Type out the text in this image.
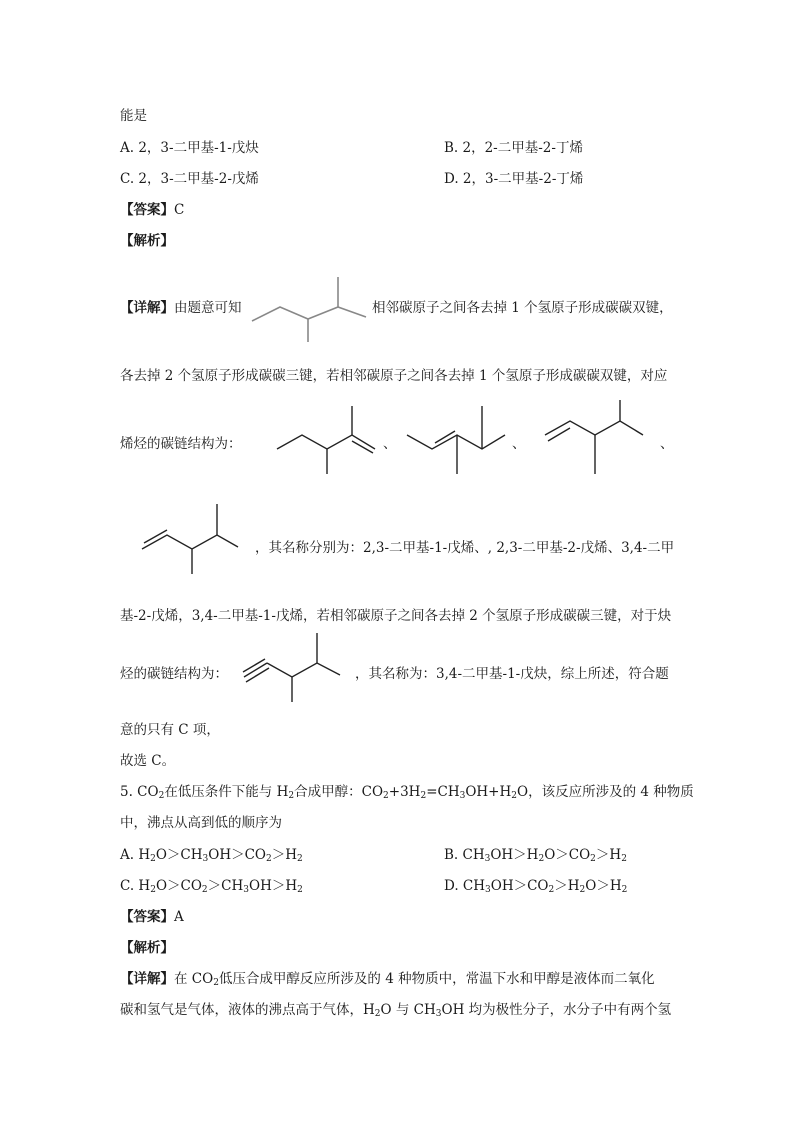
能是
A. 2，3-二甲基-1-戊炔	B. 2，2-二甲基-2-丁烯
C. 2，3-二甲基-2-戊烯	D. 2，3-二甲基-2-丁烯
【答案】C
【解析】
【详解】由题意可知	相邻碳原子之间各去掉 1 个氢原子形成碳碳双键，
各去掉 2 个氢原子形成碳碳三键，若相邻碳原子之间各去掉 1 个氢原子形成碳碳双键，对应
烯烃的碳链结构为：	、	、	、
，其名称分别为：2,3-二甲基-1-戊烯、, 2,3-二甲基-2-戊烯、3,4-二甲
基-2-戊烯，3,4-二甲基-1-戊烯，若相邻碳原子之间各去掉 2 个氢原子形成碳碳三键，对于炔
烃的碳链结构为：	，其名称为：3,4-二甲基-1-戊炔，综上所述，符合题
意的只有 C 项，
故选 C。
5. $CO_2$在低压条件下能与 $H_2$合成甲醇：$CO_2+3H_2=CH_3OH+H_2O$，该反应所涉及的 4 种物质
中，沸点从高到低的顺序为
A. $H_2O>CH_3OH>CO_2>H_2$	B. $CH_3OH>H_2O>CO_2>H_2$
C. $H_2O>CO_2>CH_3OH>H_2$	D. $CH_3OH>CO_2>H_2O>H_2$
【答案】A
【解析】
【详解】在 $CO_2$低压合成甲醇反应所涉及的 4 种物质中，常温下水和甲醇是液体而二氧化
碳和氢气是气体，液体的沸点高于气体，$H_2O$ 与 $CH_3OH$ 均为极性分子，水分子中有两个氢
